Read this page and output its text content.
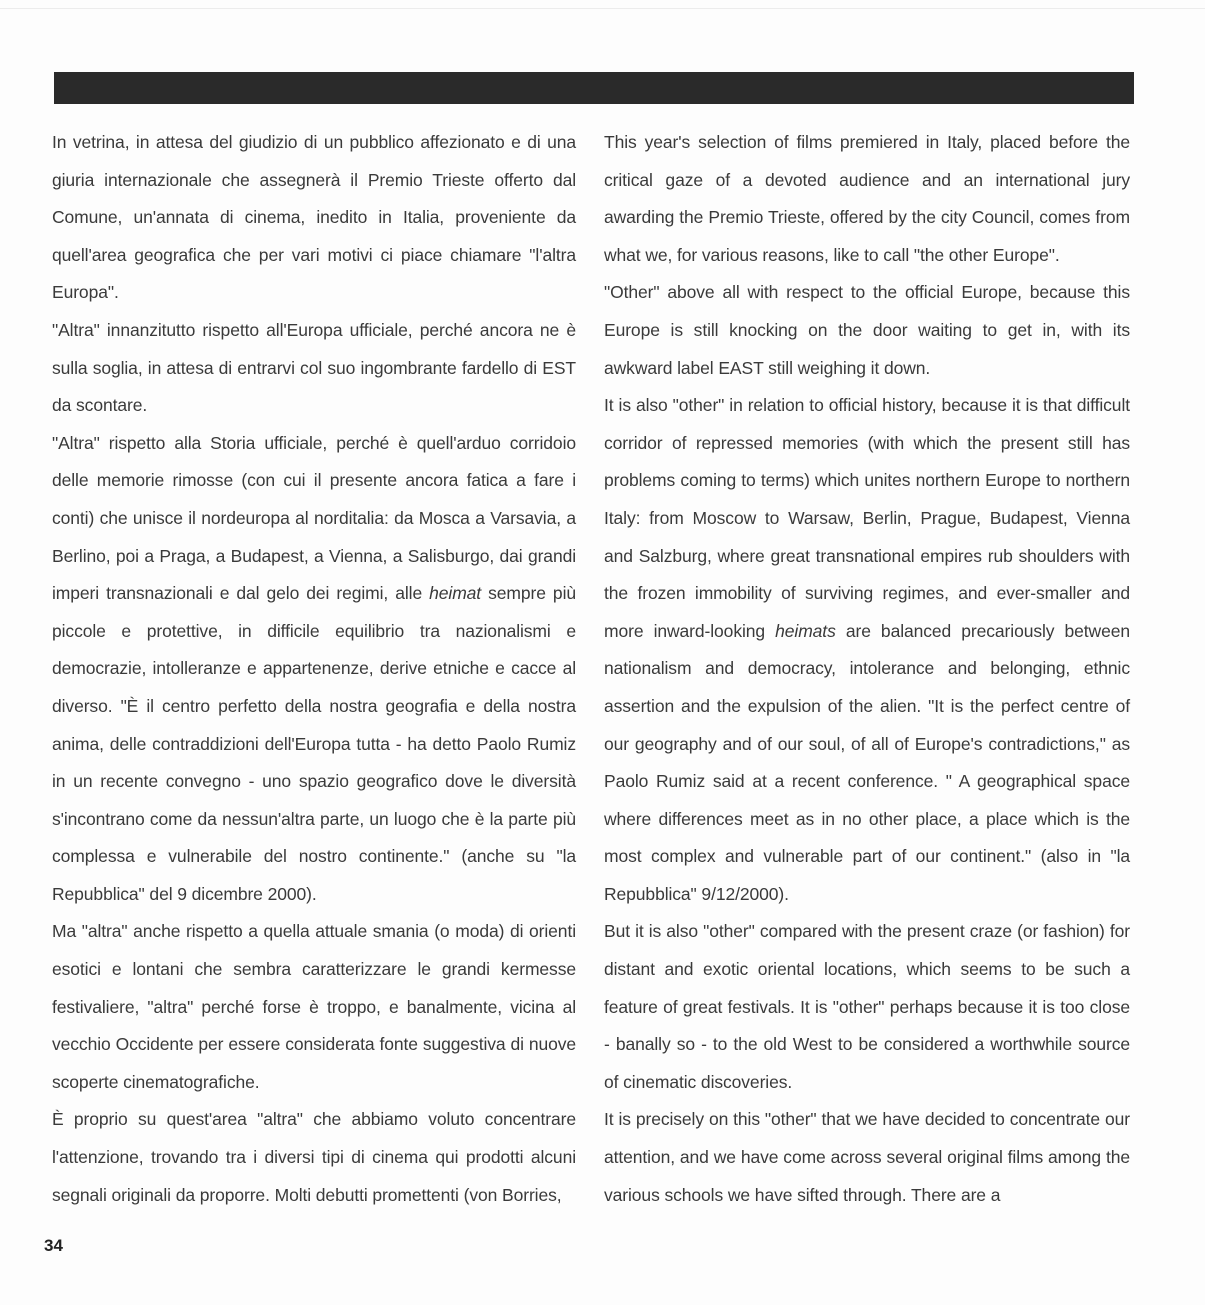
In vetrina, in attesa del giudizio di un pubblico affezionato e di una giuria internazionale che assegnerà il Premio Trieste offerto dal Comune, un'annata di cinema, inedito in Italia, proveniente da quell'area geografica che per vari motivi ci piace chiamare "l'altra Europa".

"Altra" innanzitutto rispetto all'Europa ufficiale, perché ancora ne è sulla soglia, in attesa di entrarvi col suo ingombrante fardello di EST da scontare.

"Altra" rispetto alla Storia ufficiale, perché è quell'arduo corridoio delle memorie rimosse (con cui il presente ancora fatica a fare i conti) che unisce il nordeuropa al norditalia: da Mosca a Varsavia, a Berlino, poi a Praga, a Budapest, a Vienna, a Salisburgo, dai grandi imperi transnazionali e dal gelo dei regimi, alle heimat sempre più piccole e protettive, in difficile equilibrio tra nazionalismi e democrazie, intolleranze e appartenenze, derive etniche e cacce al diverso. "È il centro perfetto della nostra geografia e della nostra anima, delle contraddizioni dell'Europa tutta - ha detto Paolo Rumiz in un recente convegno - uno spazio geografico dove le diversità s'incontrano come da nessun'altra parte, un luogo che è la parte più complessa e vulnerabile del nostro continente." (anche su "la Repubblica" del 9 dicembre 2000).

Ma "altra" anche rispetto a quella attuale smania (o moda) di orienti esotici e lontani che sembra caratterizzare le grandi kermesse festivaliere, "altra" perché forse è troppo, e banalmente, vicina al vecchio Occidente per essere considerata fonte suggestiva di nuove scoperte cinematografiche.

È proprio su quest'area "altra" che abbiamo voluto concentrare l'attenzione, trovando tra i diversi tipi di cinema qui prodotti alcuni segnali originali da proporre. Molti debutti promettenti (von Borries,

This year's selection of films premiered in Italy, placed before the critical gaze of a devoted audience and an international jury awarding the Premio Trieste, offered by the city Council, comes from what we, for various reasons, like to call "the other Europe".

"Other" above all with respect to the official Europe, because this Europe is still knocking on the door waiting to get in, with its awkward label EAST still weighing it down.

It is also "other" in relation to official history, because it is that difficult corridor of repressed memories (with which the present still has problems coming to terms) which unites northern Europe to northern Italy: from Moscow to Warsaw, Berlin, Prague, Budapest, Vienna and Salzburg, where great transnational empires rub shoulders with the frozen immobility of surviving regimes, and ever-smaller and more inward-looking heimats are balanced precariously between nationalism and democracy, intolerance and belonging, ethnic assertion and the expulsion of the alien. "It is the perfect centre of our geography and of our soul, of all of Europe's contradictions," as Paolo Rumiz said at a recent conference. " A geographical space where differences meet as in no other place, a place which is the most complex and vulnerable part of our continent." (also in "la Repubblica" 9/12/2000).

But it is also "other" compared with the present craze (or fashion) for distant and exotic oriental locations, which seems to be such a feature of great festivals. It is "other" perhaps because it is too close - banally so - to the old West to be considered a worthwhile source of cinematic discoveries.

It is precisely on this "other" that we have decided to concentrate our attention, and we have come across several original films among the various schools we have sifted through. There are a

34
